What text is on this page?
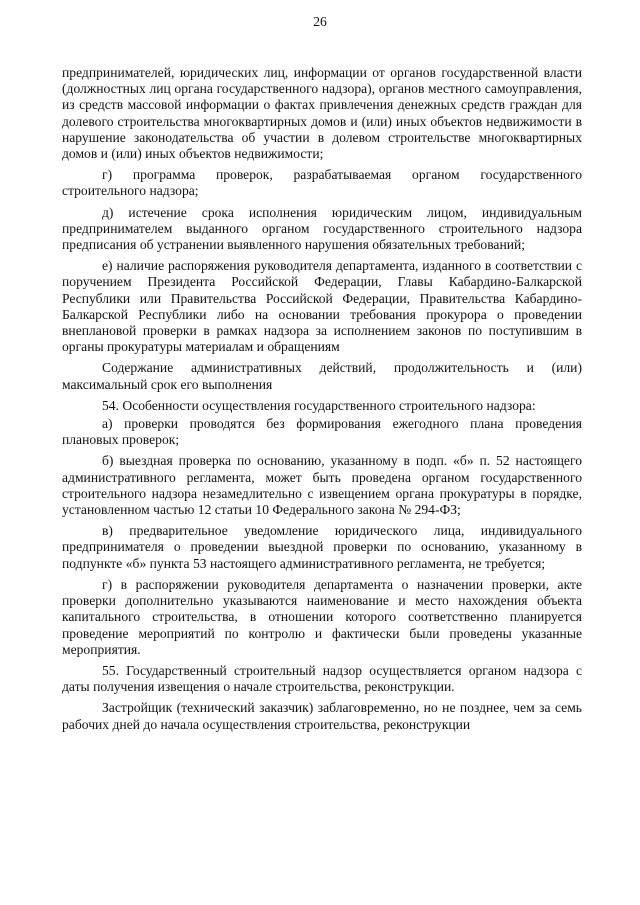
26

предпринимателей, юридических лиц, информации от органов государственной власти (должностных лиц органа государственного надзора), органов местного самоуправления, из средств массовой информации о фактах привлечения денежных средств граждан для долевого строительства многоквартирных домов и (или) иных объектов недвижимости в нарушение законодательства об участии в долевом строительстве многоквартирных домов и (или) иных объектов недвижимости;

г) программа проверок, разрабатываемая органом государственного строительного надзора;

д) истечение срока исполнения юридическим лицом, индивидуальным предпринимателем выданного органом государственного строительного надзора предписания об устранении выявленного нарушения обязательных требований;

е) наличие распоряжения руководителя департамента, изданного в соответствии с поручением Президента Российской Федерации, Главы Кабардино-Балкарской Республики или Правительства Российской Федерации, Правительства Кабардино-Балкарской Республики либо на основании требования прокурора о проведении внеплановой проверки в рамках надзора за исполнением законов по поступившим в органы прокуратуры материалам и обращениям

Содержание административных действий, продолжительность и (или) максимальный срок его выполнения

54. Особенности осуществления государственного строительного надзора:

а) проверки проводятся без формирования ежегодного плана проведения плановых проверок;

б) выездная проверка по основанию, указанному в подп. «б» п. 52 настоящего административного регламента, может быть проведена органом государственного строительного надзора незамедлительно с извещением органа прокуратуры в порядке, установленном частью 12 статьи 10 Федерального закона № 294-ФЗ;

в) предварительное уведомление юридического лица, индивидуального предпринимателя о проведении выездной проверки по основанию, указанному в подпункте «б» пункта 53 настоящего административного регламента, не требуется;

г) в распоряжении руководителя департамента о назначении проверки, акте проверки дополнительно указываются наименование и место нахождения объекта капитального строительства, в отношении которого соответственно планируется проведение мероприятий по контролю и фактически были проведены указанные мероприятия.

55. Государственный строительный надзор осуществляется органом надзора с даты получения извещения о начале строительства, реконструкции.

Застройщик (технический заказчик) заблаговременно, но не позднее, чем за семь рабочих дней до начала осуществления строительства, реконструкции
